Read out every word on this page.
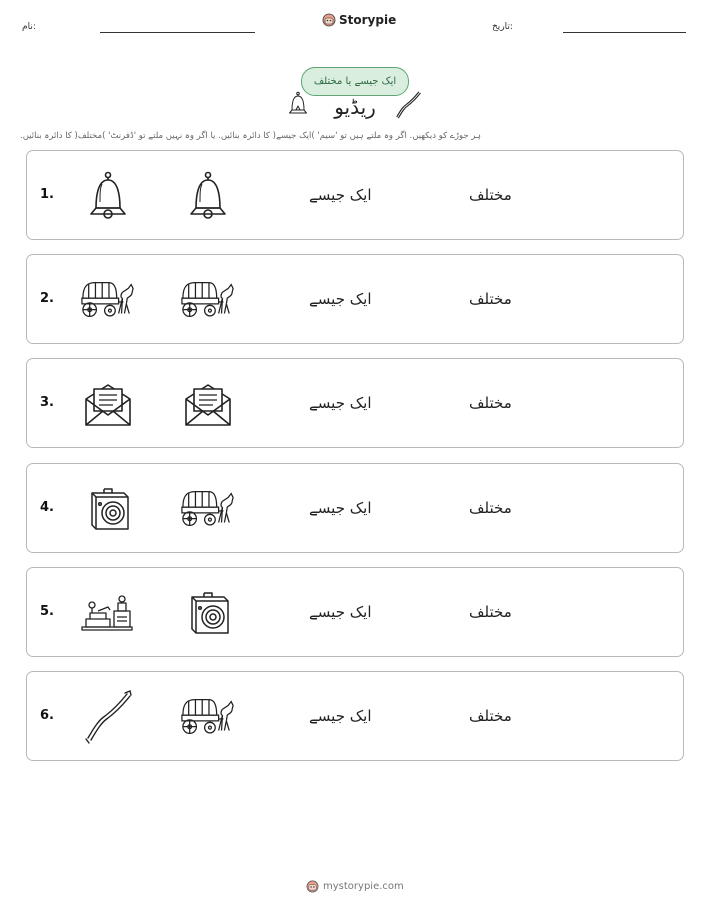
نام:	Storypie	تاریخ:
ایک جیسے یا مختلف
ریڈیو
ہر جوڑے کو دیکھیں. اگر وہ ملتے ہیں تو 'سیم' )ایک جیسے( کا دائرہ بنائیں. یا اگر وہ نہیں ملتے تو 'ڈفرنٹ' )مختلف( کا دائرہ بنائیں.
1.	ایک جیسے	مختلف
2.	ایک جیسے	مختلف
3.	ایک جیسے	مختلف
4.	ایک جیسے	مختلف
5.	ایک جیسے	مختلف
6.	ایک جیسے	مختلف
mystorypie.com
